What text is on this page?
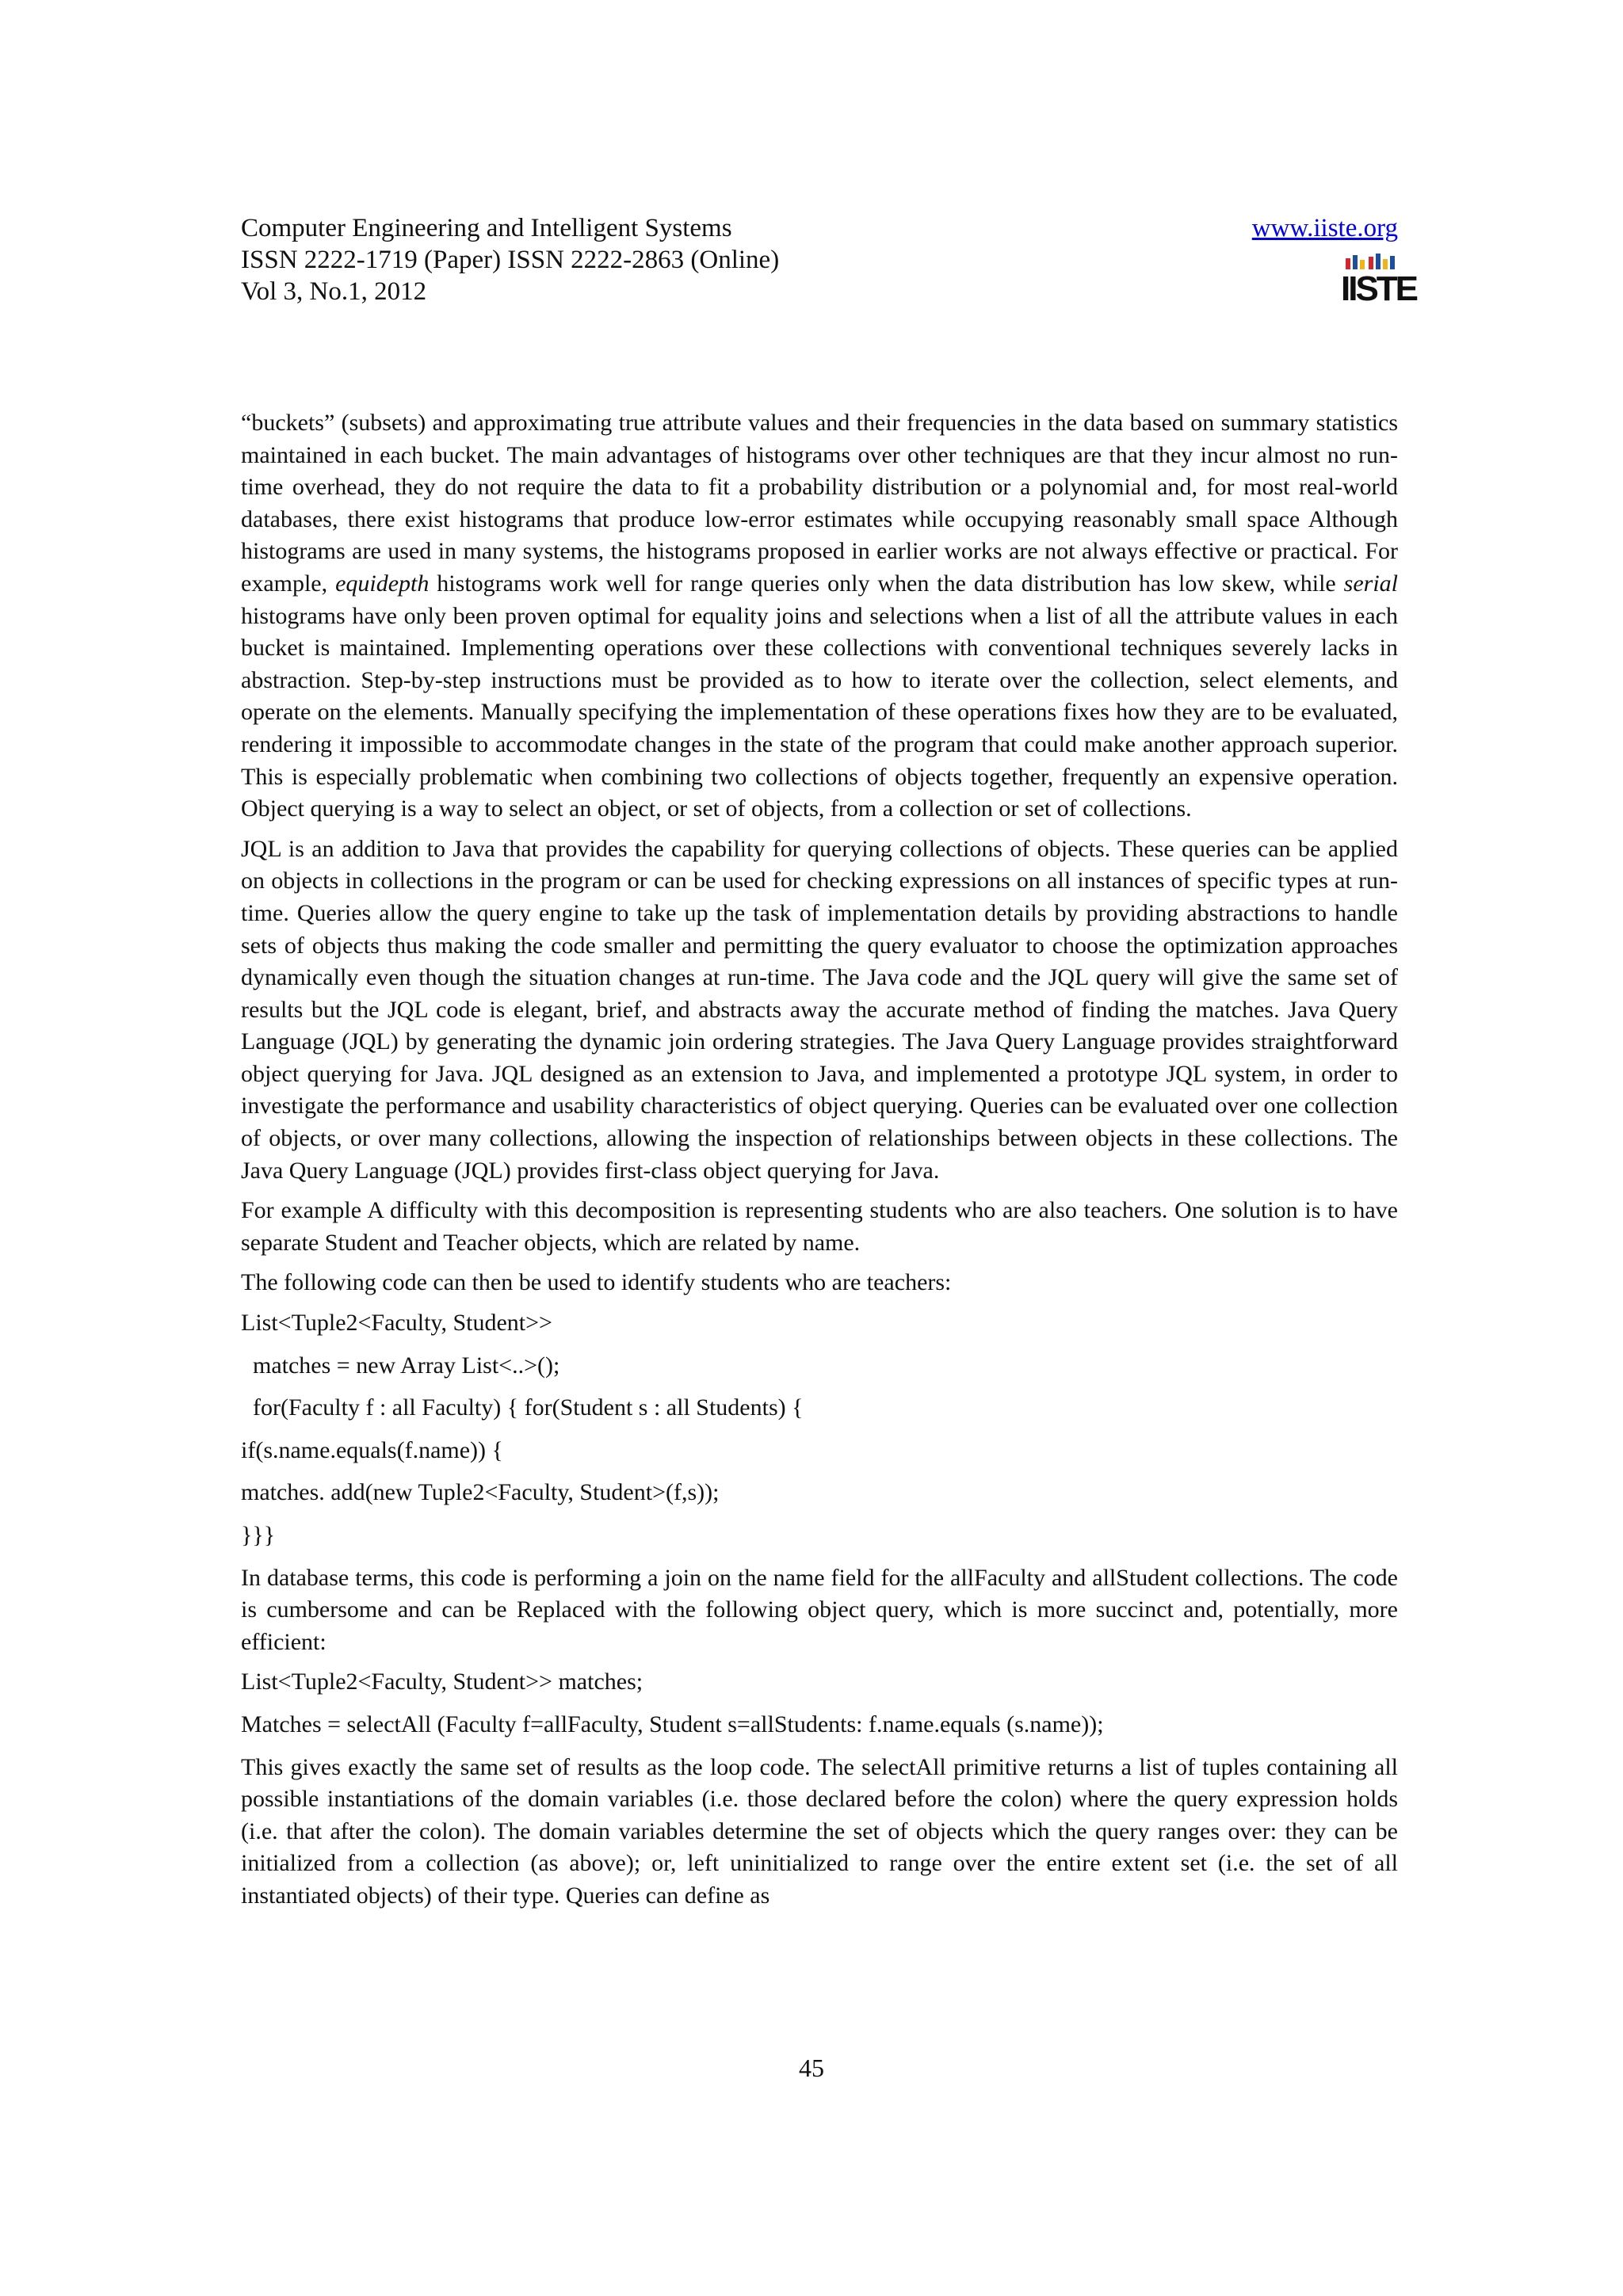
Computer Engineering and Intelligent Systems
ISSN 2222-1719 (Paper) ISSN 2222-2863 (Online)
Vol 3, No.1, 2012
www.iiste.org
IISTE

“buckets” (subsets) and approximating true attribute values and their frequencies in the data based on summary statistics maintained in each bucket. The main advantages of histograms over other techniques are that they incur almost no run-time overhead, they do not require the data to fit a probability distribution or a polynomial and, for most real-world databases, there exist histograms that produce low-error estimates while occupying reasonably small space Although histograms are used in many systems, the histograms proposed in earlier works are not always effective or practical. For example, equidepth histograms work well for range queries only when the data distribution has low skew, while serial histograms have only been proven optimal for equality joins and selections when a list of all the attribute values in each bucket is maintained. Implementing operations over these collections with conventional techniques severely lacks in abstraction. Step-by-step instructions must be provided as to how to iterate over the collection, select elements, and operate on the elements. Manually specifying the implementation of these operations fixes how they are to be evaluated, rendering it impossible to accommodate changes in the state of the program that could make another approach superior. This is especially problematic when combining two collections of objects together, frequently an expensive operation. Object querying is a way to select an object, or set of objects, from a collection or set of collections.

JQL is an addition to Java that provides the capability for querying collections of objects. These queries can be applied on objects in collections in the program or can be used for checking expressions on all instances of specific types at run-time. Queries allow the query engine to take up the task of implementation details by providing abstractions to handle sets of objects thus making the code smaller and permitting the query evaluator to choose the optimization approaches dynamically even though the situation changes at run-time. The Java code and the JQL query will give the same set of results but the JQL code is elegant, brief, and abstracts away the accurate method of finding the matches. Java Query Language (JQL) by generating the dynamic join ordering strategies. The Java Query Language provides straightforward object querying for Java. JQL designed as an extension to Java, and implemented a prototype JQL system, in order to investigate the performance and usability characteristics of object querying. Queries can be evaluated over one collection of objects, or over many collections, allowing the inspection of relationships between objects in these collections. The Java Query Language (JQL) provides first-class object querying for Java.

For example A difficulty with this decomposition is representing students who are also teachers. One solution is to have separate Student and Teacher objects, which are related by name.

The following code can then be used to identify students who are teachers:

List<Tuple2<Faculty, Student>>

matches = new Array List<..>();

for(Faculty f : all Faculty) { for(Student s : all Students) {

if(s.name.equals(f.name)) {

matches. add(new Tuple2<Faculty, Student>(f,s));

}}}

In database terms, this code is performing a join on the name field for the allFaculty and allStudent collections. The code is cumbersome and can be Replaced with the following object query, which is more succinct and, potentially, more efficient:

List<Tuple2<Faculty, Student>> matches;

Matches = selectAll (Faculty f=allFaculty, Student s=allStudents: f.name.equals (s.name));

This gives exactly the same set of results as the loop code. The selectAll primitive returns a list of tuples containing all possible instantiations of the domain variables (i.e. those declared before the colon) where the query expression holds (i.e. that after the colon). The domain variables determine the set of objects which the query ranges over: they can be initialized from a collection (as above); or, left uninitialized to range over the entire extent set (i.e. the set of all instantiated objects) of their type. Queries can define as

45
